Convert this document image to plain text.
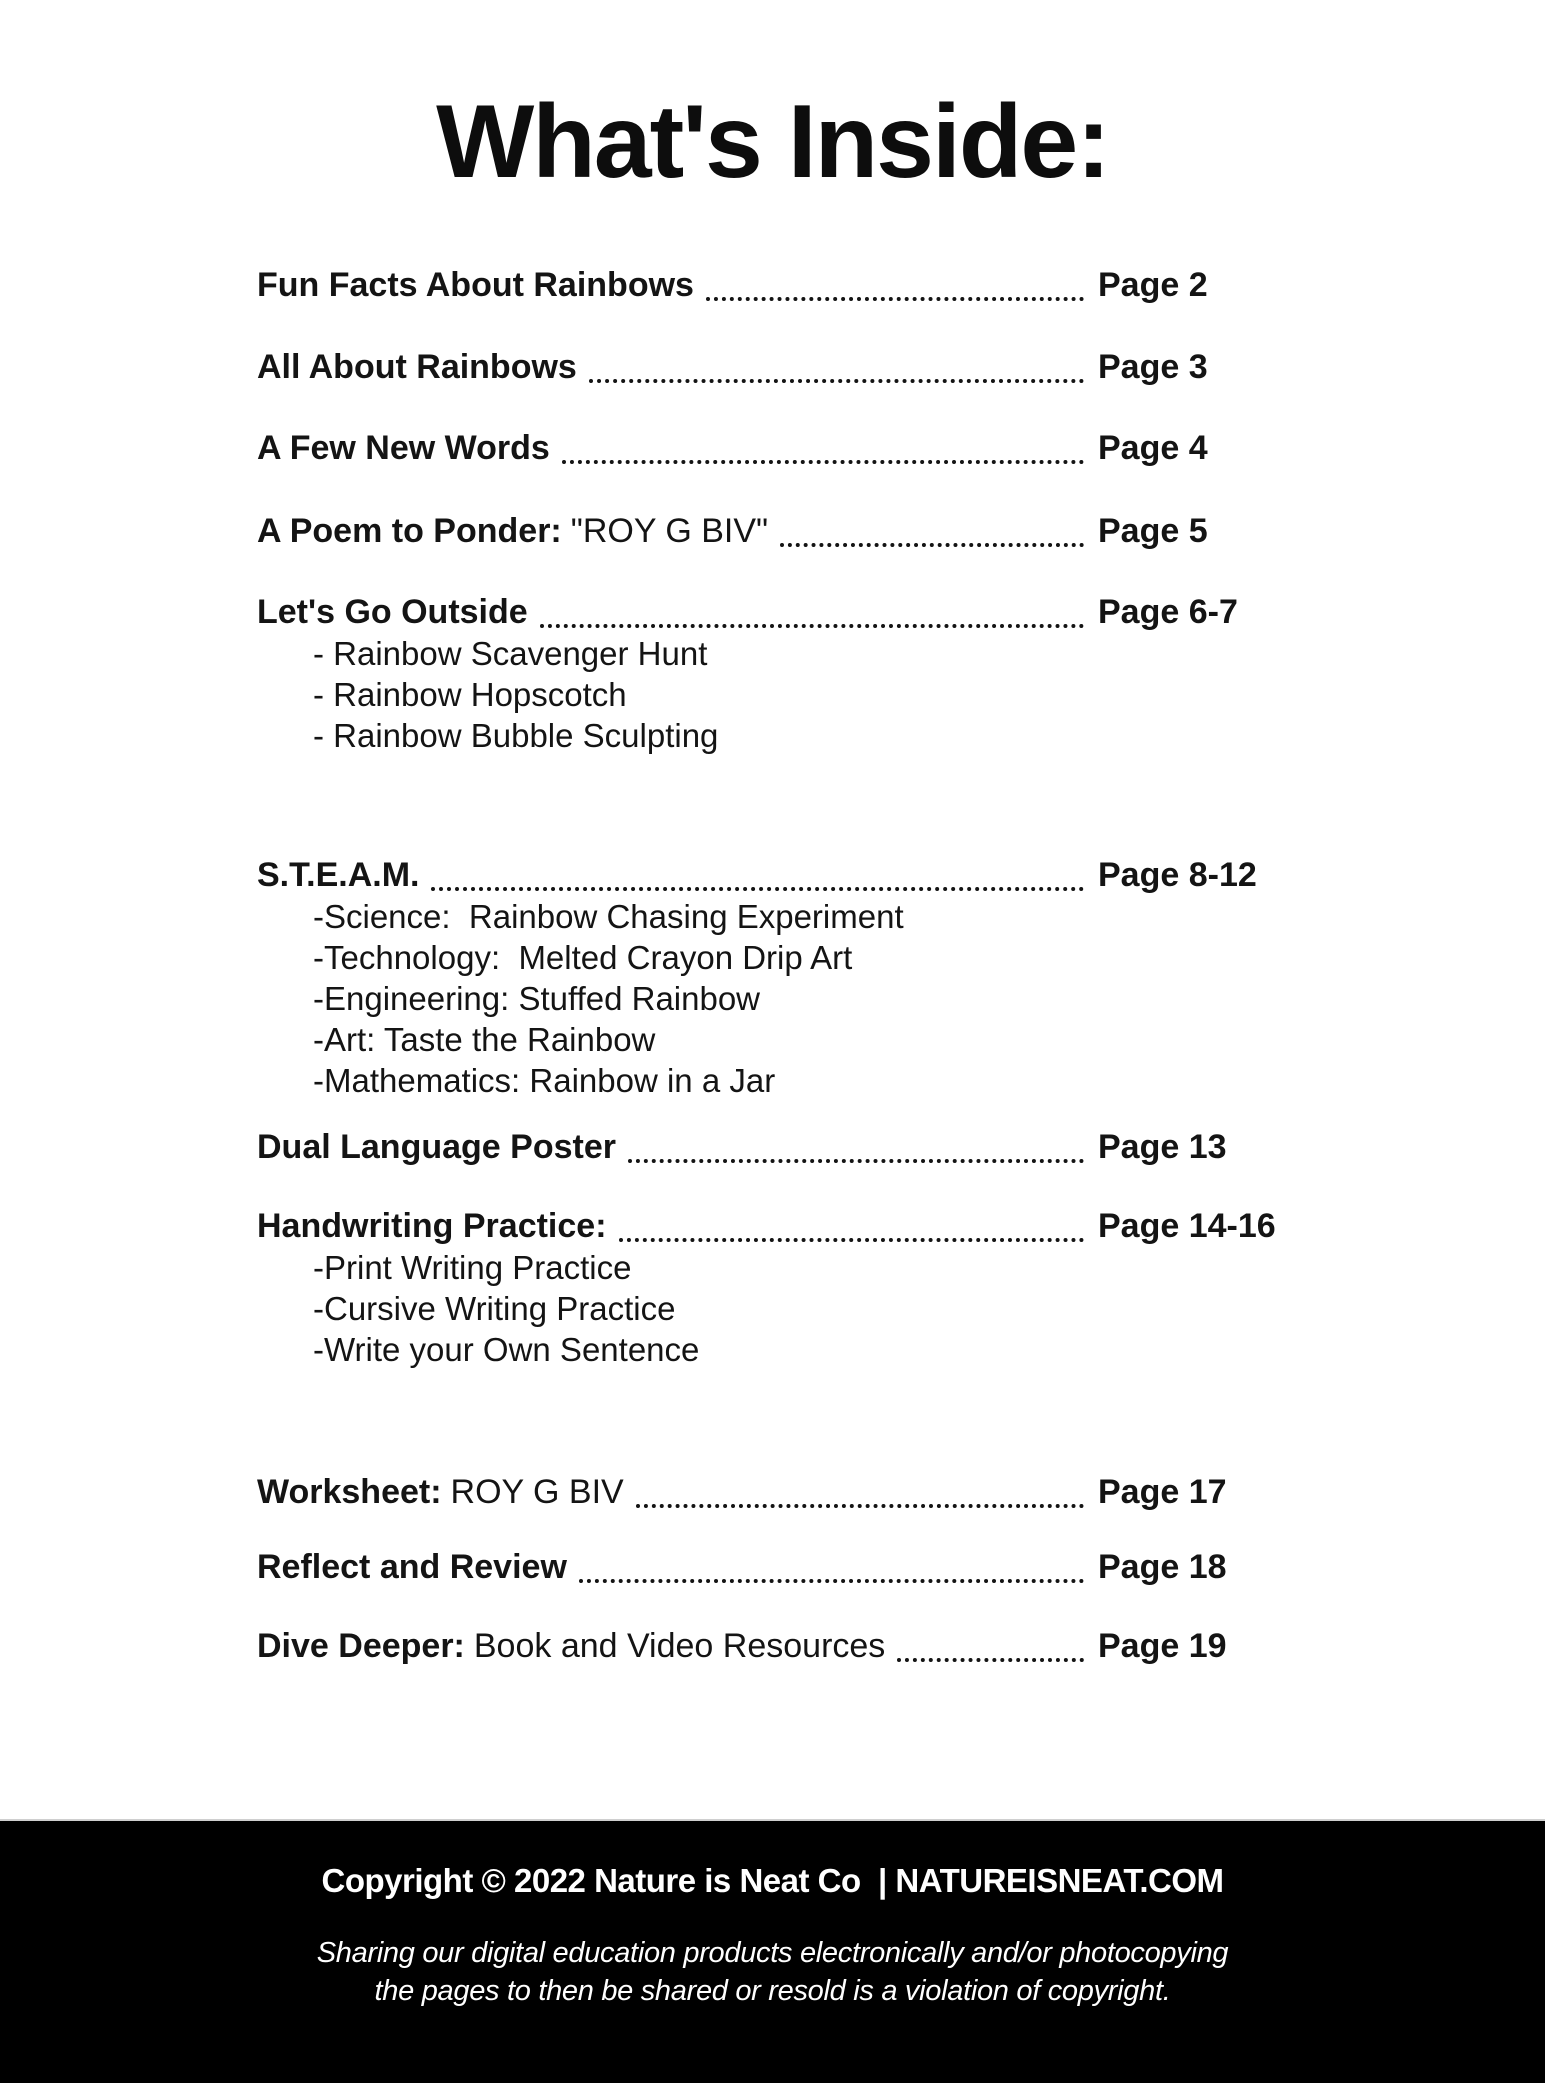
What's Inside:
Fun Facts About Rainbows	Page 2
All About Rainbows	Page 3
A Few New Words	Page 4
A Poem to Ponder: "ROY G BIV"	Page 5
Let's Go Outside	Page 6-7
- Rainbow Scavenger Hunt
- Rainbow Hopscotch
- Rainbow Bubble Sculpting
S.T.E.A.M.	Page 8-12
-Science:  Rainbow Chasing Experiment
-Technology:  Melted Crayon Drip Art
-Engineering: Stuffed Rainbow
-Art: Taste the Rainbow
-Mathematics: Rainbow in a Jar
Dual Language Poster	Page 13
Handwriting Practice:	Page 14-16
-Print Writing Practice
-Cursive Writing Practice
-Write your Own Sentence
Worksheet: ROY G BIV	Page 17
Reflect and Review	Page 18
Dive Deeper: Book and Video Resources	Page 19
Copyright © 2022 Nature is Neat Co  | NATUREISNEAT.COM
Sharing our digital education products electronically and/or photocopying
the pages to then be shared or resold is a violation of copyright.
